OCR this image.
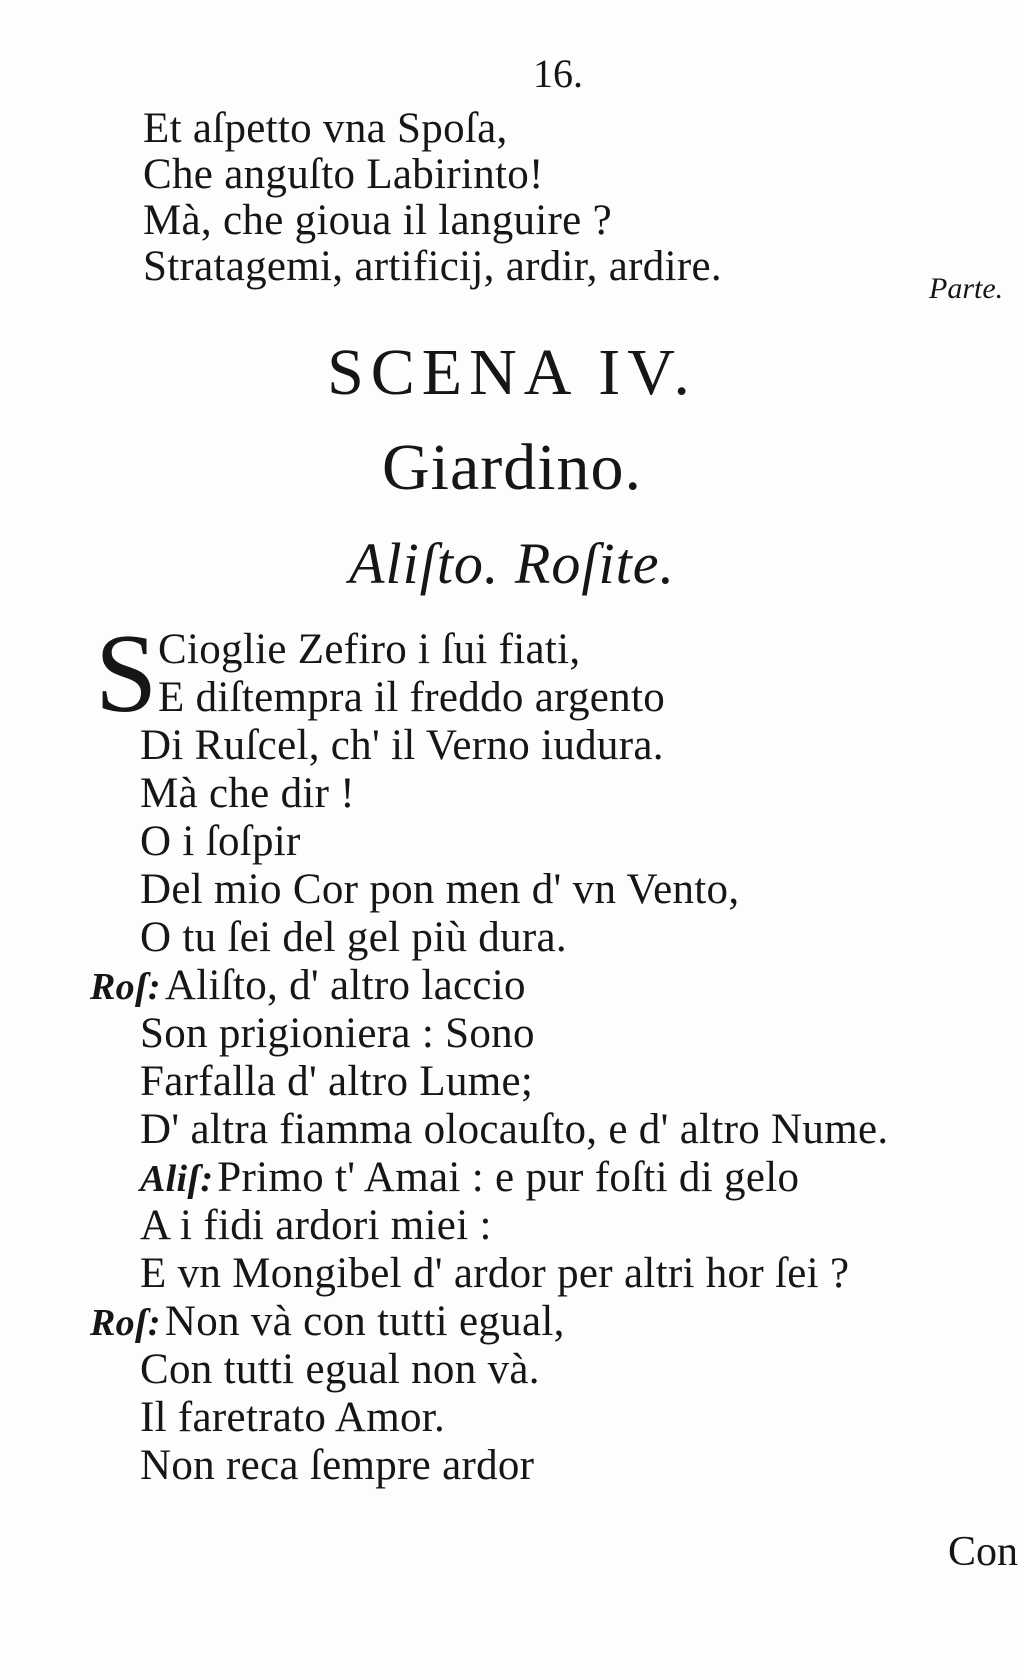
16.
Et aſpetto vna Spoſa,
Che anguſto Labirinto!
Mà, che gioua il languire ?
Stratagemi, artificij, ardir, ardire.	Parte.
SCENA IV.
Giardino.
Aliſto. Roſite.
S Cioglie Zefiro i ſui fiati,
E diſtempra il freddo argento
Di Ruſcel, ch' il Verno iudura.
Mà che dir !
O i ſoſpir
Del mio Cor pon men d' vn Vento,
O tu ſei del gel più dura.
Roſ:Aliſto, d' altro laccio
Son prigioniera : Sono
Farfalla d' altro Lume;
D' altra fiamma olocauſto, e d' altro Nume.
Aliſ:Primo t' Amai : e pur foſti di gelo
A i fidi ardori miei :
E vn Mongibel d' ardor per altri hor ſei ?
Roſ:Non và con tutti egual,
Con tutti egual non và.
Il faretrato Amor.
Non reca ſempre ardor
Con
